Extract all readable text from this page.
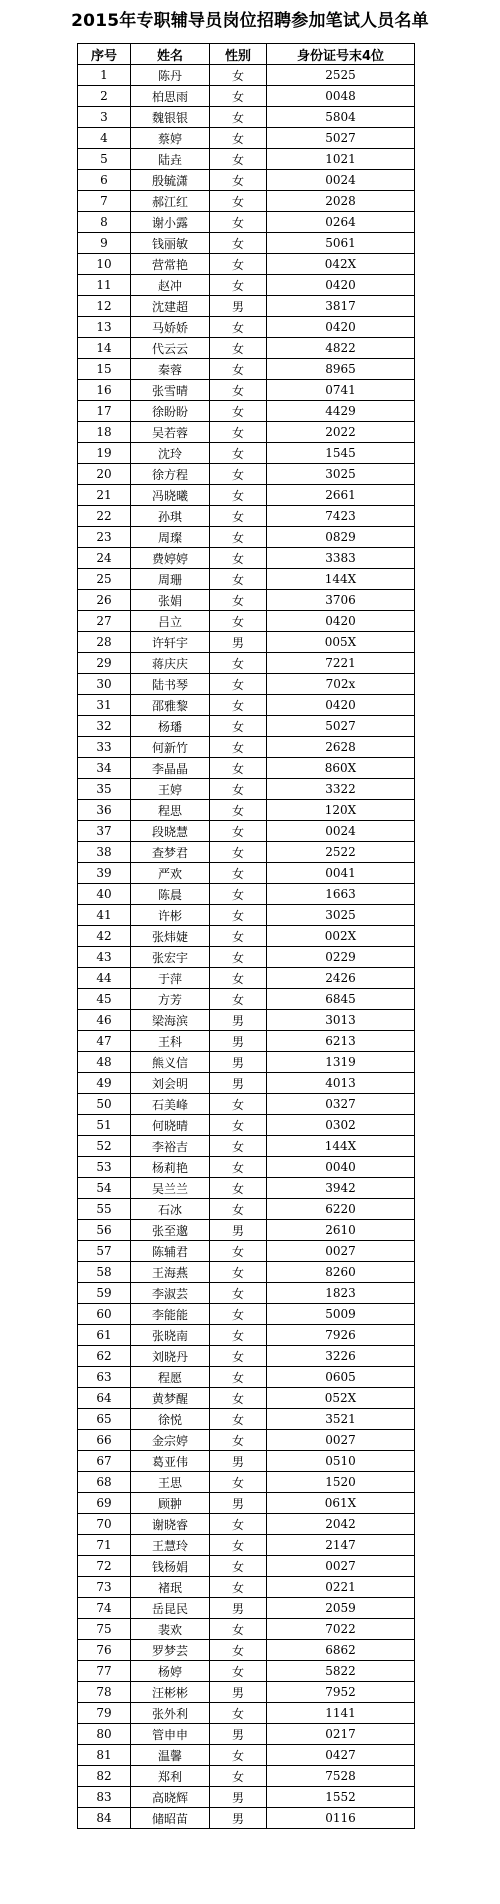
2015年专职辅导员岗位招聘参加笔试人员名单
序号	姓名	性别	身份证号末4位
1	陈丹	女	2525
2	柏思雨	女	0048
3	魏银银	女	5804
4	蔡婷	女	5027
5	陆垚	女	1021
6	殷毓潇	女	0024
7	郝江红	女	2028
8	谢小露	女	0264
9	钱丽敏	女	5061
10	营常艳	女	042X
11	赵冲	女	0420
12	沈建超	男	3817
13	马娇娇	女	0420
14	代云云	女	4822
15	秦蓉	女	8965
16	张雪晴	女	0741
17	徐盼盼	女	4429
18	吴若蓉	女	2022
19	沈玲	女	1545
20	徐方程	女	3025
21	冯晓曦	女	2661
22	孙琪	女	7423
23	周璨	女	0829
24	费婷婷	女	3383
25	周珊	女	144X
26	张娟	女	3706
27	吕立	女	0420
28	许轩宇	男	005X
29	蒋庆庆	女	7221
30	陆书琴	女	702x
31	邵雅黎	女	0420
32	杨璠	女	5027
33	何新竹	女	2628
34	李晶晶	女	860X
35	王婷	女	3322
36	程思	女	120X
37	段晓慧	女	0024
38	查梦君	女	2522
39	严欢	女	0041
40	陈晨	女	1663
41	许彬	女	3025
42	张炜婕	女	002X
43	张宏宇	女	0229
44	于萍	女	2426
45	方芳	女	6845
46	梁海滨	男	3013
47	王科	男	6213
48	熊义信	男	1319
49	刘会明	男	4013
50	石美峰	女	0327
51	何晓晴	女	0302
52	李裕吉	女	144X
53	杨莉艳	女	0040
54	吴兰兰	女	3942
55	石冰	女	6220
56	张至邈	男	2610
57	陈辅君	女	0027
58	王海燕	女	8260
59	李淑芸	女	1823
60	李能能	女	5009
61	张晓南	女	7926
62	刘晓丹	女	3226
63	程愿	女	0605
64	黄梦醒	女	052X
65	徐悦	女	3521
66	金宗婷	女	0027
67	葛亚伟	男	0510
68	王思	女	1520
69	顾翀	男	061X
70	谢晓睿	女	2042
71	王慧玲	女	2147
72	钱杨娟	女	0027
73	褚珉	女	0221
74	岳昆民	男	2059
75	裴欢	女	7022
76	罗梦芸	女	6862
77	杨婷	女	5822
78	汪彬彬	男	7952
79	张外利	女	1141
80	管申申	男	0217
81	温馨	女	0427
82	郑利	女	7528
83	高晓辉	男	1552
84	储昭苗	男	0116
